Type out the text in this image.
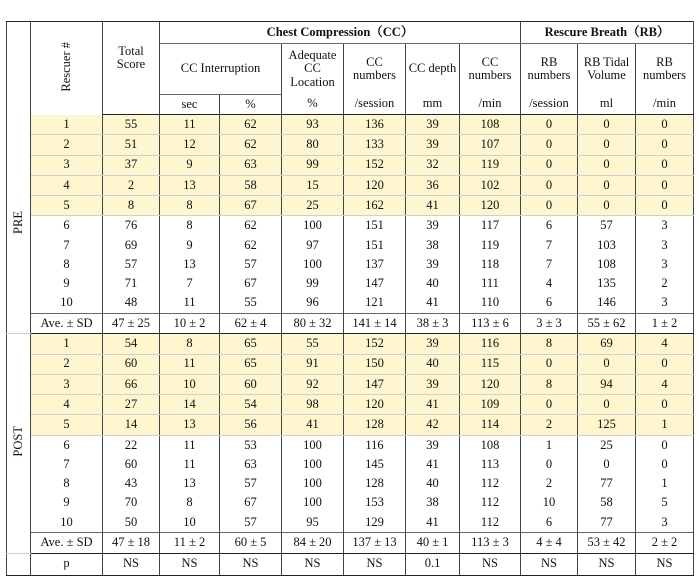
	Rescuer #	Total Score	Chest Compression（CC）						Rescure Breath（RB）		
			CC Interruption		Adequate CC Location	CC numbers	CC depth	CC numbers	RB numbers	RB Tidal Volume	RB numbers
			sec	%	%	/session	mm	/min	/session	ml	/min
PRE	1	55	11	62	93	136	39	108	0	0	0
	2	51	12	62	80	133	39	107	0	0	0
	3	37	9	63	99	152	32	119	0	0	0
	4	2	13	58	15	120	36	102	0	0	0
	5	8	8	67	25	162	41	120	0	0	0
	6	76	8	62	100	151	39	117	6	57	3
	7	69	9	62	97	151	38	119	7	103	3
	8	57	13	57	100	137	39	118	7	108	3
	9	71	7	67	99	147	40	111	4	135	2
	10	48	11	55	96	121	41	110	6	146	3
	Ave. ± SD	47 ± 25	10 ± 2	62 ± 4	80 ± 32	141 ± 14	38 ± 3	113 ± 6	3 ± 3	55 ± 62	1 ± 2
POST	1	54	8	65	55	152	39	116	8	69	4
	2	60	11	65	91	150	40	115	0	0	0
	3	66	10	60	92	147	39	120	8	94	4
	4	27	14	54	98	120	41	109	0	0	0
	5	14	13	56	41	128	42	114	2	125	1
	6	22	11	53	100	116	39	108	1	25	0
	7	60	11	63	100	145	41	113	0	0	0
	8	43	13	57	100	128	40	112	2	77	1
	9	70	8	67	100	153	38	112	10	58	5
	10	50	10	57	95	129	41	112	6	77	3
	Ave. ± SD	47 ± 18	11 ± 2	60 ± 5	84 ± 20	137 ± 13	40 ± 1	113 ± 3	4 ± 4	53 ± 42	2 ± 2
	p	NS	NS	NS	NS	NS	0.1	NS	NS	NS	NS
